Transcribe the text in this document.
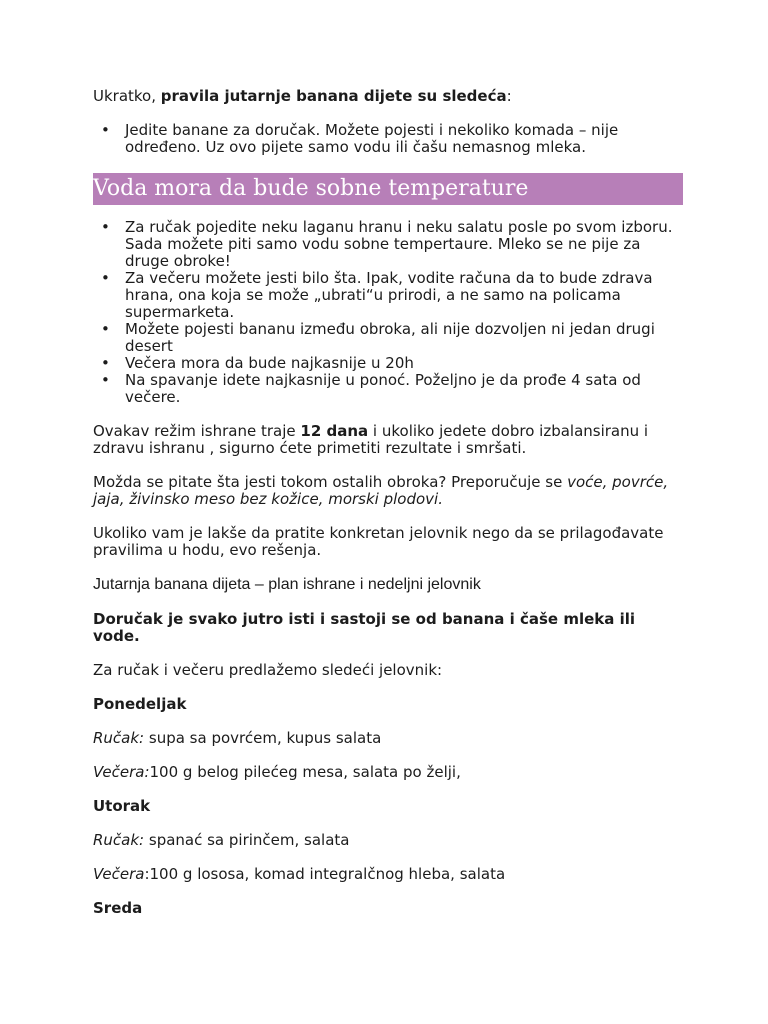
Ukratko, pravila jutarnje banana dijete su sledeća:

• Jedite banane za doručak. Možete pojesti i nekoliko komada – nije određeno. Uz ovo pijete samo vodu ili čašu nemasnog mleka.
Voda mora da bude sobne temperature
• Za ručak pojedite neku laganu hranu i neku salatu posle po svom izboru. Sada možete piti samo vodu sobne tempertaure. Mleko se ne pije za druge obroke!
• Za večeru možete jesti bilo šta. Ipak, vodite računa da to bude zdrava hrana, ona koja se može „ubrati“u prirodi, a ne samo na policama supermarketa.
• Možete pojesti bananu između obroka, ali nije dozvoljen ni jedan drugi desert
• Večera mora da bude najkasnije u 20h
• Na spavanje idete najkasnije u ponoć. Poželjno je da prođe 4 sata od večere.

Ovakav režim ishrane traje 12 dana i ukoliko jedete dobro izbalansiranu i zdravu ishranu , sigurno ćete primetiti rezultate i smršati.

Možda se pitate šta jesti tokom ostalih obroka? Preporučuje se voće, povrće, jaja, živinsko meso bez kožice, morski plodovi.

Ukoliko vam je lakše da pratite konkretan jelovnik nego da se prilagođavate pravilima u hodu, evo rešenja.

Jutarnja banana dijeta – plan ishrane i nedeljni jelovnik

Doručak je svako jutro isti i sastoji se od banana i čaše mleka ili vode.

Za ručak i večeru predlažemo sledeći jelovnik:

Ponedeljak

Ručak: supa sa povrćem, kupus salata

Večera:100 g belog pilećeg mesa, salata po želji,

Utorak

Ručak: spanać sa pirinčem, salata

Večera:100 g lososa, komad integralčnog hleba, salata

Sreda
